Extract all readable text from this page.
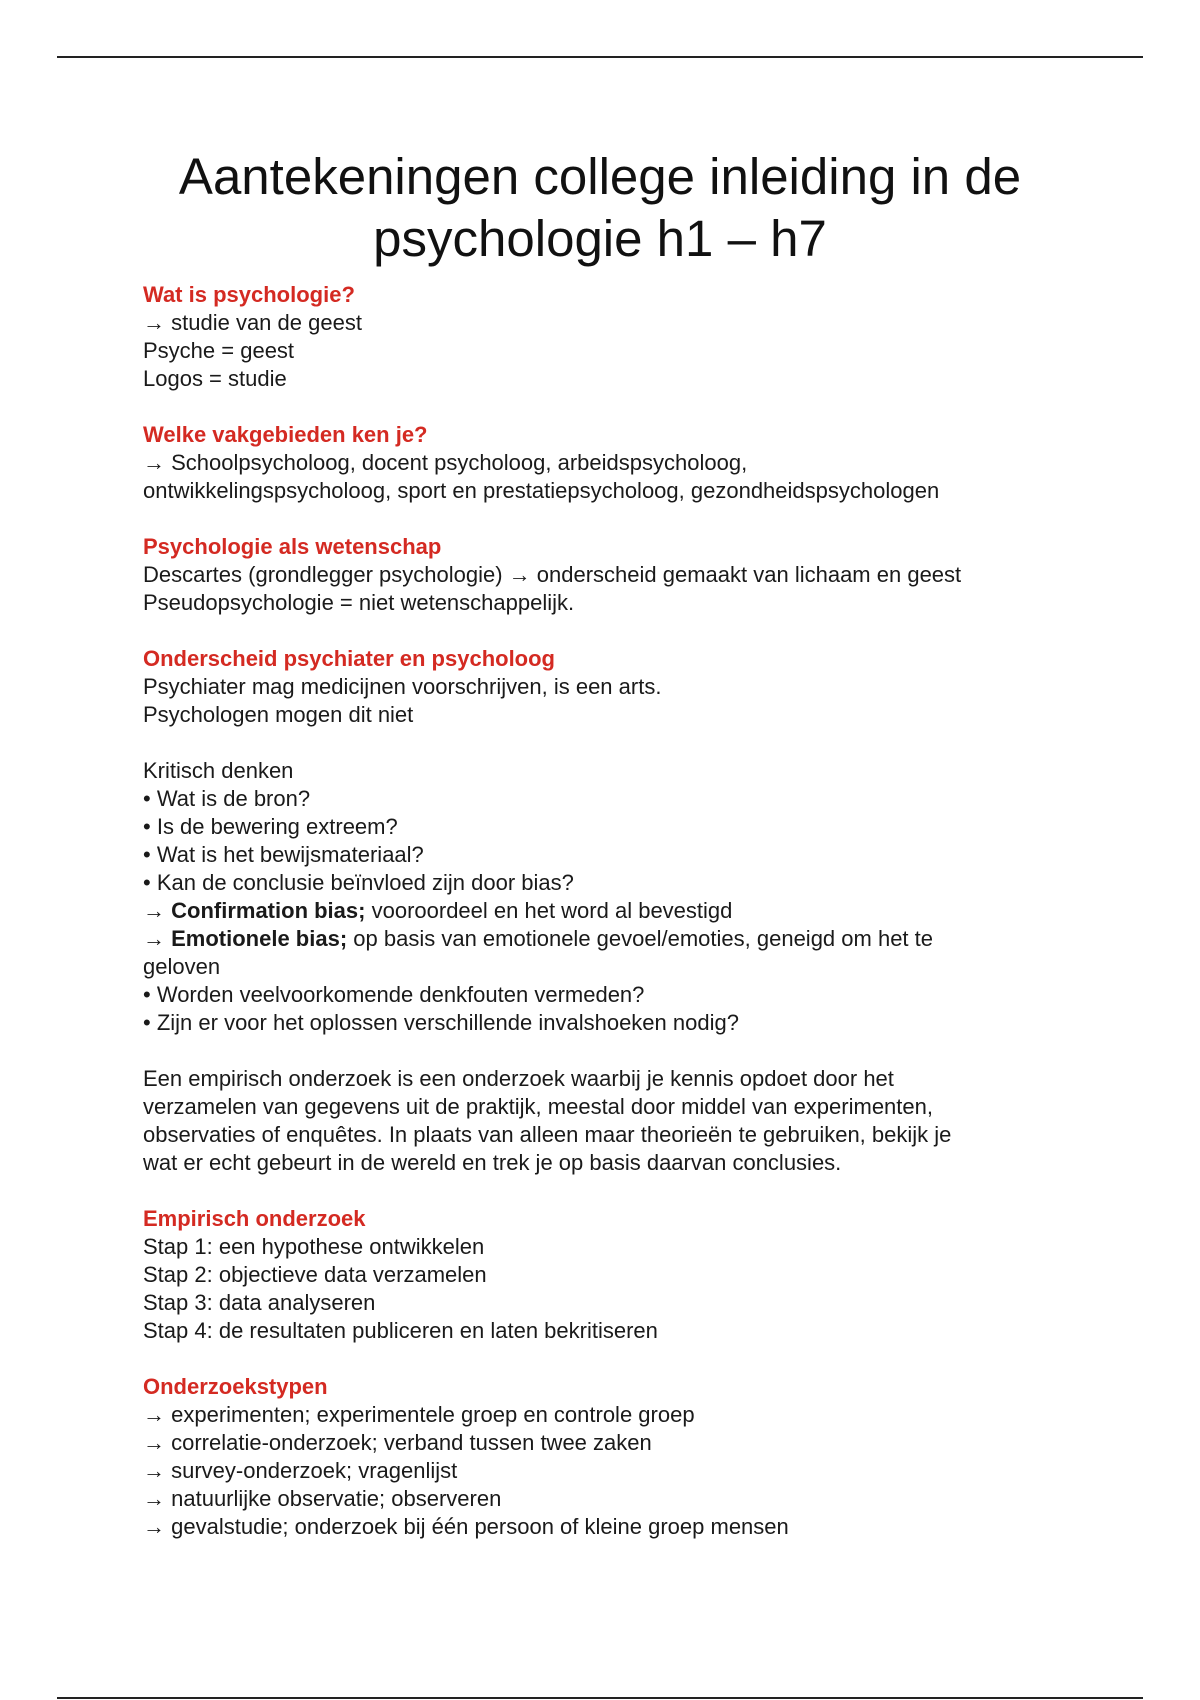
Aantekeningen college inleiding in de
psychologie h1 – h7
Wat is psychologie?
→ studie van de geest
Psyche = geest
Logos = studie
Welke vakgebieden ken je?
→ Schoolpsycholoog, docent psycholoog, arbeidspsycholoog,
ontwikkelingspsycholoog, sport en prestatiepsycholoog, gezondheidspsychologen
Psychologie als wetenschap
Descartes (grondlegger psychologie) → onderscheid gemaakt van lichaam en geest
Pseudopsychologie = niet wetenschappelijk.
Onderscheid psychiater en psycholoog
Psychiater mag medicijnen voorschrijven, is een arts.
Psychologen mogen dit niet
Kritisch denken
• Wat is de bron?
• Is de bewering extreem?
• Wat is het bewijsmateriaal?
• Kan de conclusie beïnvloed zijn door bias?
→ Confirmation bias; vooroordeel en het word al bevestigd
→ Emotionele bias; op basis van emotionele gevoel/emoties, geneigd om het te
geloven
• Worden veelvoorkomende denkfouten vermeden?
• Zijn er voor het oplossen verschillende invalshoeken nodig?
Een empirisch onderzoek is een onderzoek waarbij je kennis opdoet door het
verzamelen van gegevens uit de praktijk, meestal door middel van experimenten,
observaties of enquêtes. In plaats van alleen maar theorieën te gebruiken, bekijk je
wat er echt gebeurt in de wereld en trek je op basis daarvan conclusies.
Empirisch onderzoek
Stap 1: een hypothese ontwikkelen
Stap 2: objectieve data verzamelen
Stap 3: data analyseren
Stap 4: de resultaten publiceren en laten bekritiseren
Onderzoekstypen
→ experimenten; experimentele groep en controle groep
→ correlatie-onderzoek; verband tussen twee zaken
→ survey-onderzoek; vragenlijst
→ natuurlijke observatie; observeren
→ gevalstudie; onderzoek bij één persoon of kleine groep mensen
